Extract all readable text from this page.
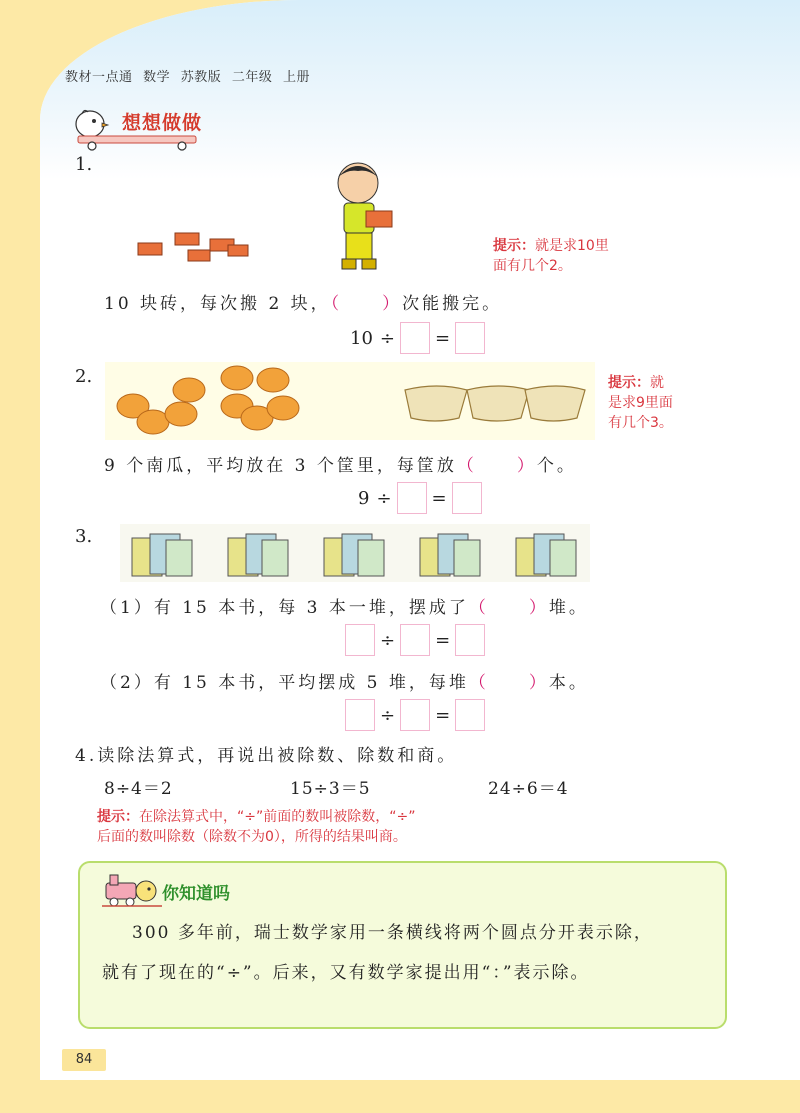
教材一点通 数学 苏教版 二年级 上册
想想做做
1.
提示：就是求10里
面有几个2。
10 块砖，每次搬 2 块，（ ）次能搬完。
10 ÷ =
2.	提示：就
是求9里面
有几个3。
9 个南瓜，平均放在 3 个筐里，每筐放（ ）个。
9 ÷ =
3.
（1）有 15 本书，每 3 本一堆，摆成了（ ）堆。
÷ =
（2）有 15 本书，平均摆成 5 堆，每堆（ ）本。
÷ =
4.读除法算式，再说出被除数、除数和商。
8÷4＝2	15÷3＝5	24÷6＝4
提示：在除法算式中，“÷”前面的数叫被除数，“÷”
后面的数叫除数（除数不为0），所得的结果叫商。
你知道吗
300 多年前，瑞士数学家用一条横线将两个圆点分开表示除，
就有了现在的“÷”。后来，又有数学家提出用“：”表示除。
84
